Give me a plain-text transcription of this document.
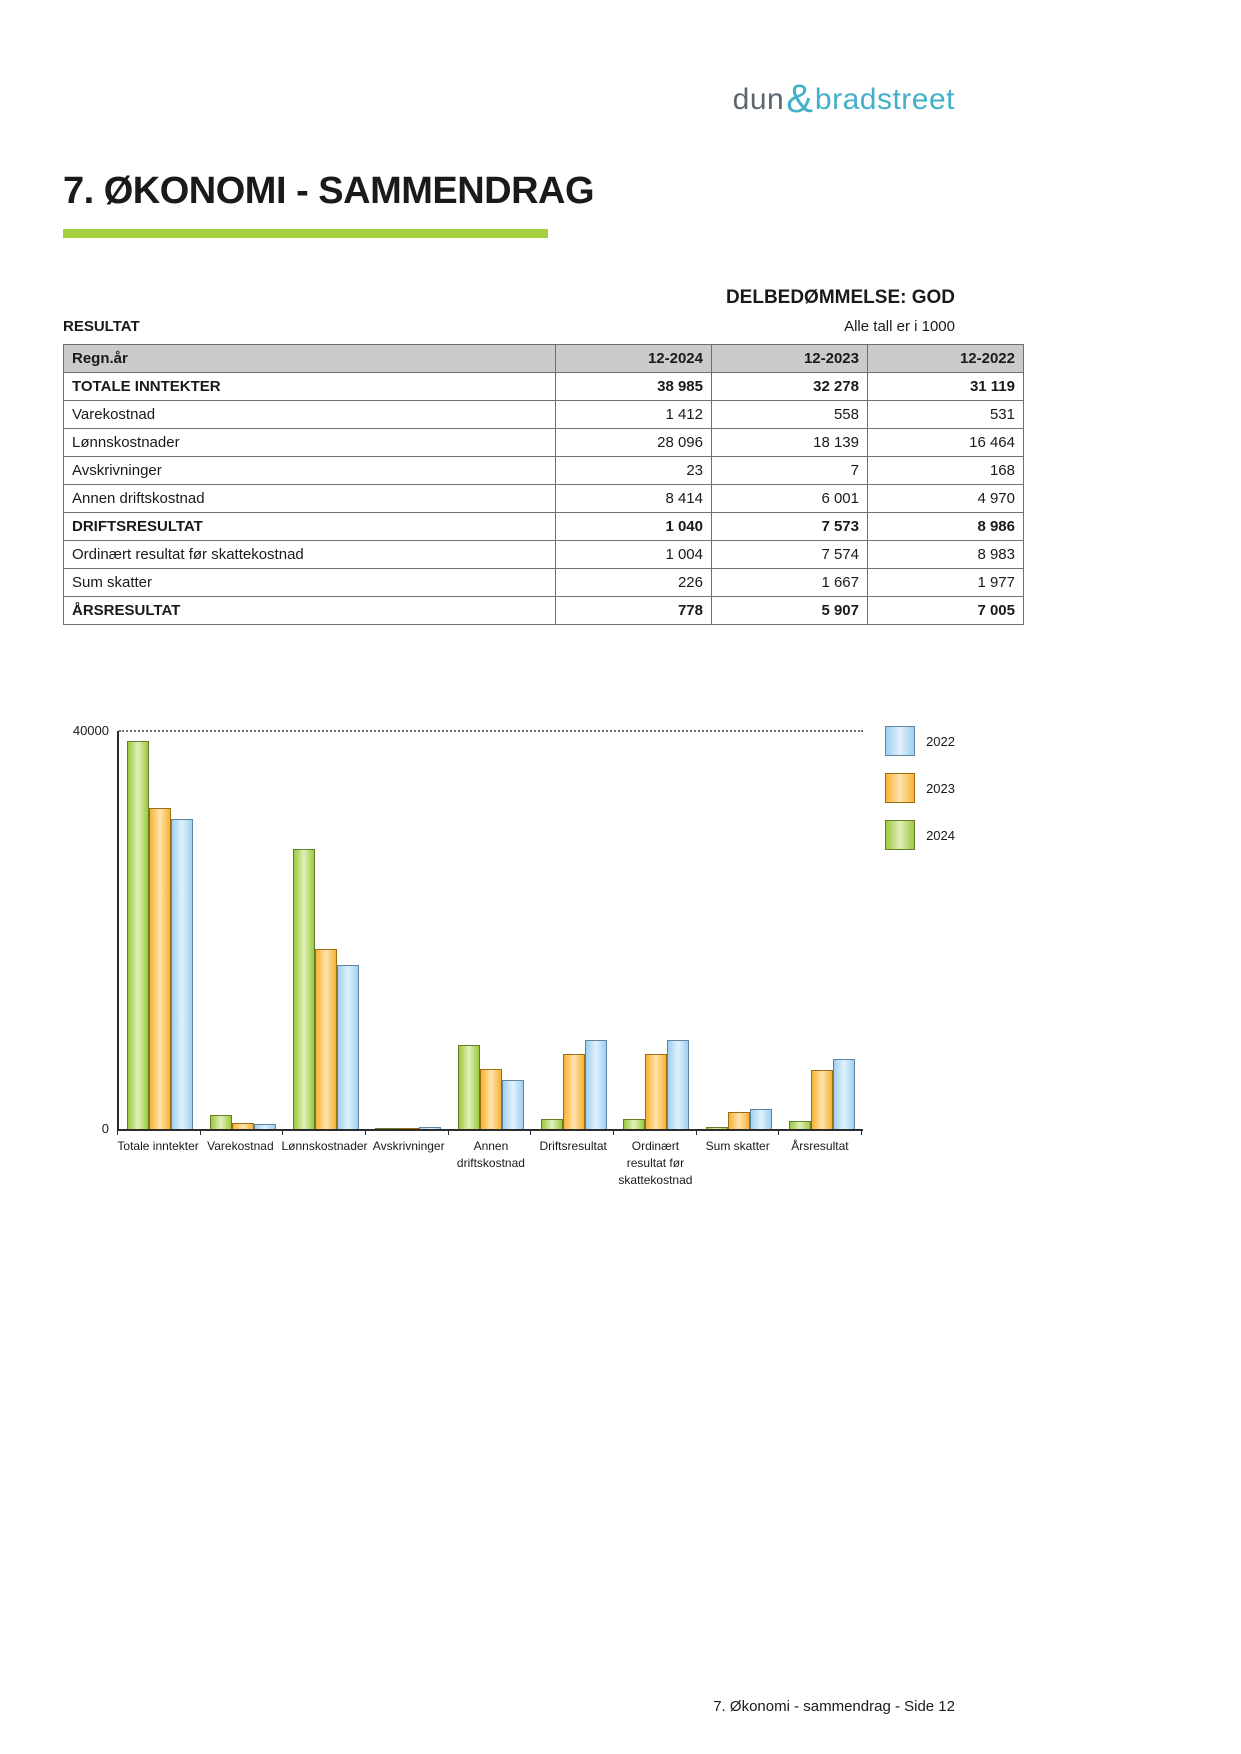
dun & bradstreet
7. ØKONOMI - SAMMENDRAG
DELBEDØMMELSE: GOD
RESULTAT	Alle tall er i 1000
Regn.år	12-2024	12-2023	12-2022
TOTALE INNTEKTER	38 985	32 278	31 119
Varekostnad	1 412	558	531
Lønnskostnader	28 096	18 139	16 464
Avskrivninger	23	7	168
Annen driftskostnad	8 414	6 001	4 970
DRIFTSRESULTAT	1 040	7 573	8 986
Ordinært resultat før skattekostnad	1 004	7 574	8 983
Sum skatter	226	1 667	1 977
ÅRSRESULTAT	778	5 907	7 005
40000
0
Totale inntekter Varekostnad Lønnskostnader Avskrivninger	Annen driftskostnad
Driftsresultat	Ordinært resultat før skattekostnad
Sum skatter	Årsresultat
2022
2023
2024
7. Økonomi - sammendrag - Side 12
